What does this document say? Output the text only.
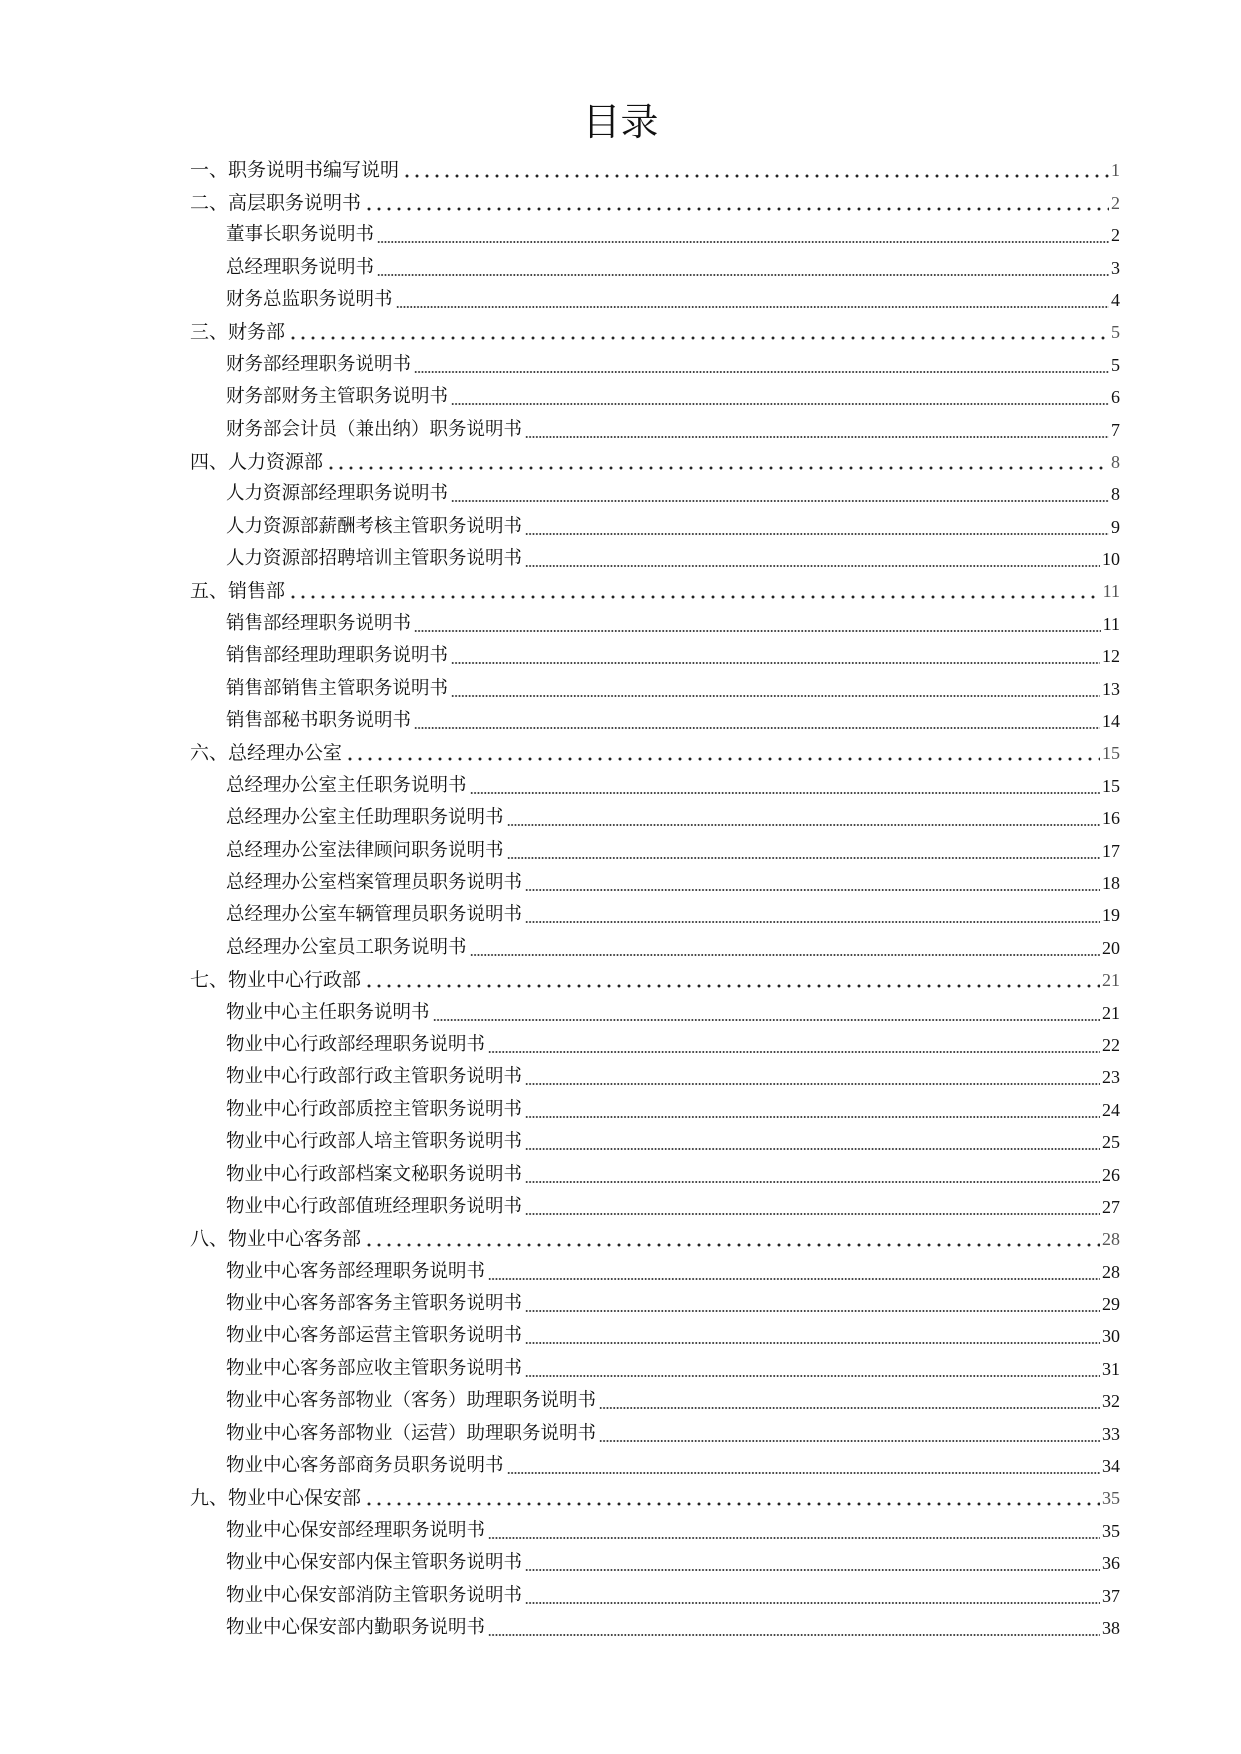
目录
一、职务说明书编写说明	1
二、高层职务说明书	2
董事长职务说明书	2
总经理职务说明书	3
财务总监职务说明书	4
三、财务部	5
财务部经理职务说明书	5
财务部财务主管职务说明书	6
财务部会计员（兼出纳）职务说明书	7
四、人力资源部	8
人力资源部经理职务说明书	8
人力资源部薪酬考核主管职务说明书	9
人力资源部招聘培训主管职务说明书	10
五、销售部	11
销售部经理职务说明书	11
销售部经理助理职务说明书	12
销售部销售主管职务说明书	13
销售部秘书职务说明书	14
六、总经理办公室	15
总经理办公室主任职务说明书	15
总经理办公室主任助理职务说明书	16
总经理办公室法律顾问职务说明书	17
总经理办公室档案管理员职务说明书	18
总经理办公室车辆管理员职务说明书	19
总经理办公室员工职务说明书	20
七、物业中心行政部	21
物业中心主任职务说明书	21
物业中心行政部经理职务说明书	22
物业中心行政部行政主管职务说明书	23
物业中心行政部质控主管职务说明书	24
物业中心行政部人培主管职务说明书	25
物业中心行政部档案文秘职务说明书	26
物业中心行政部值班经理职务说明书	27
八、物业中心客务部	28
物业中心客务部经理职务说明书	28
物业中心客务部客务主管职务说明书	29
物业中心客务部运营主管职务说明书	30
物业中心客务部应收主管职务说明书	31
物业中心客务部物业（客务）助理职务说明书	32
物业中心客务部物业（运营）助理职务说明书	33
物业中心客务部商务员职务说明书	34
九、物业中心保安部	35
物业中心保安部经理职务说明书	35
物业中心保安部内保主管职务说明书	36
物业中心保安部消防主管职务说明书	37
物业中心保安部内勤职务说明书	38
